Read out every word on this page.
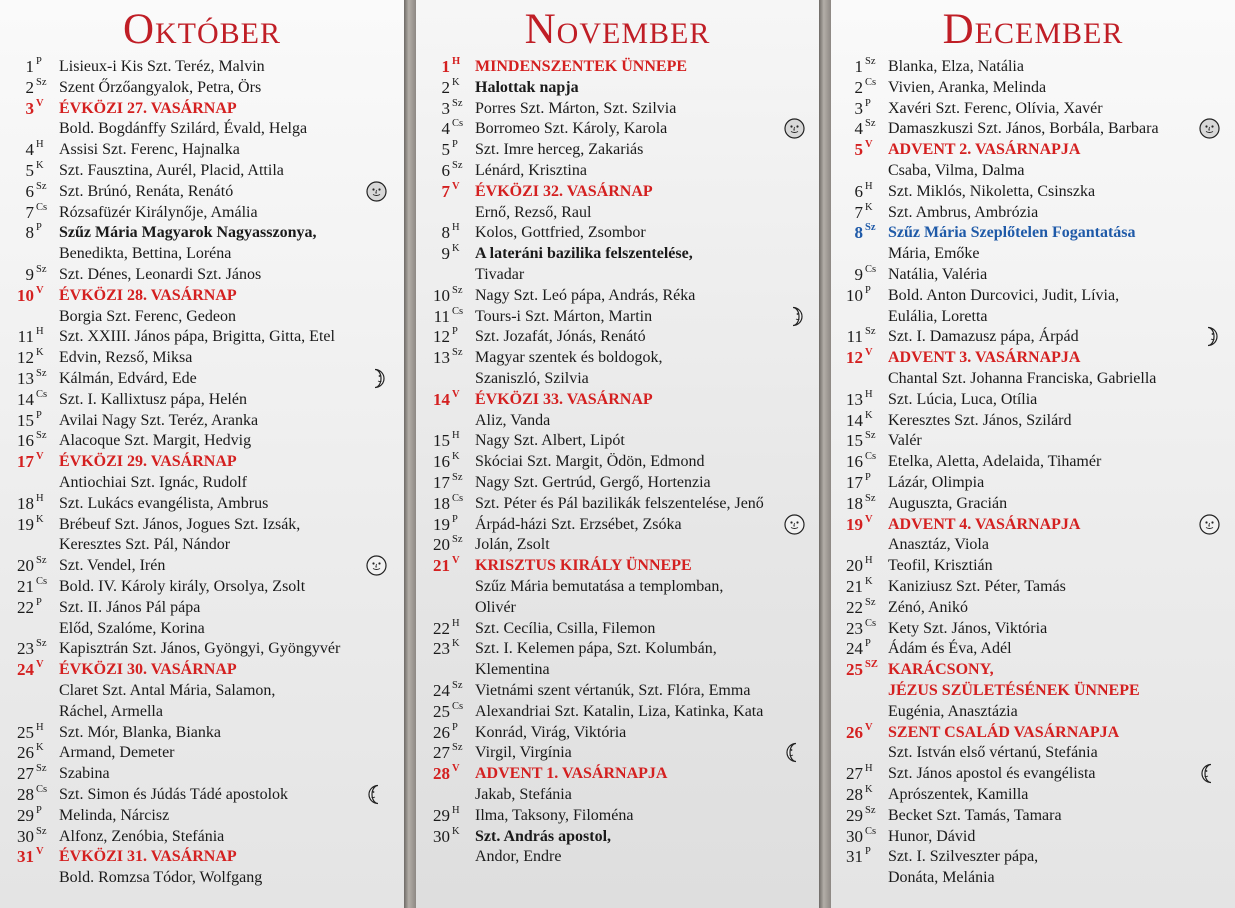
Október
1 P Lisieux-i Kis Szt. Teréz, Malvin
2 Sz Szent Őrzőangyalok, Petra, Örs
3 V ÉVKÖZI 27. VASÁRNAP
Bold. Bogdánffy Szilárd, Évald, Helga
4 H Assisi Szt. Ferenc, Hajnalka
5 K Szt. Fausztina, Aurél, Placid, Attila
6 Sz Szt. Brúnó, Renáta, Renátó
7 Cs Rózsafüzér Királynője, Amália
8 P Szűz Mária Magyarok Nagyasszonya,
Benedikta, Bettina, Loréna
9 Sz Szt. Dénes, Leonardi Szt. János
10 V ÉVKÖZI 28. VASÁRNAP
Borgia Szt. Ferenc, Gedeon
11 H Szt. XXIII. János pápa, Brigitta, Gitta, Etel
12 K Edvin, Rezső, Miksa
13 Sz Kálmán, Edvárd, Ede
14 Cs Szt. I. Kallixtusz pápa, Helén
15 P Avilai Nagy Szt. Teréz, Aranka
16 Sz Alacoque Szt. Margit, Hedvig
17 V ÉVKÖZI 29. VASÁRNAP
Antiochiai Szt. Ignác, Rudolf
18 H Szt. Lukács evangélista, Ambrus
19 K Brébeuf Szt. János, Jogues Szt. Izsák,
Keresztes Szt. Pál, Nándor
20 Sz Szt. Vendel, Irén
21 Cs Bold. IV. Károly király, Orsolya, Zsolt
22 P Szt. II. János Pál pápa
Előd, Szalóme, Korina
23 Sz Kapisztrán Szt. János, Gyöngyi, Gyöngyvér
24 V ÉVKÖZI 30. VASÁRNAP
Claret Szt. Antal Mária, Salamon,
Ráchel, Armella
25 H Szt. Mór, Blanka, Bianka
26 K Armand, Demeter
27 Sz Szabina
28 Cs Szt. Simon és Júdás Tádé apostolok
29 P Melinda, Nárcisz
30 Sz Alfonz, Zenóbia, Stefánia
31 V ÉVKÖZI 31. VASÁRNAP
Bold. Romzsa Tódor, Wolfgang
November
1 H MINDENSZENTEK ÜNNEPE
2 K Halottak napja
3 Sz Porres Szt. Márton, Szt. Szilvia
4 Cs Borromeo Szt. Károly, Karola
5 P Szt. Imre herceg, Zakariás
6 Sz Lénárd, Krisztina
7 V ÉVKÖZI 32. VASÁRNAP
Ernő, Rezső, Raul
8 H Kolos, Gottfried, Zsombor
9 K A lateráni bazilika felszentelése,
Tivadar
10 Sz Nagy Szt. Leó pápa, András, Réka
11 Cs Tours-i Szt. Márton, Martin
12 P Szt. Jozafát, Jónás, Renátó
13 Sz Magyar szentek és boldogok,
Szaniszló, Szilvia
14 V ÉVKÖZI 33. VASÁRNAP
Aliz, Vanda
15 H Nagy Szt. Albert, Lipót
16 K Skóciai Szt. Margit, Ödön, Edmond
17 Sz Nagy Szt. Gertrúd, Gergő, Hortenzia
18 Cs Szt. Péter és Pál bazilikák felszentelése, Jenő
19 P Árpád-házi Szt. Erzsébet, Zsóka
20 Sz Jolán, Zsolt
21 V KRISZTUS KIRÁLY ÜNNEPE
Szűz Mária bemutatása a templomban,
Olivér
22 H Szt. Cecília, Csilla, Filemon
23 K Szt. I. Kelemen pápa, Szt. Kolumbán,
Klementina
24 Sz Vietnámi szent vértanúk, Szt. Flóra, Emma
25 Cs Alexandriai Szt. Katalin, Liza, Katinka, Kata
26 P Konrád, Virág, Viktória
27 Sz Virgil, Virgínia
28 V ADVENT 1. VASÁRNAPJA
Jakab, Stefánia
29 H Ilma, Taksony, Filoména
30 K Szt. András apostol,
Andor, Endre
December
1 Sz Blanka, Elza, Natália
2 Cs Vivien, Aranka, Melinda
3 P Xavéri Szt. Ferenc, Olívia, Xavér
4 Sz Damaszkuszi Szt. János, Borbála, Barbara
5 V ADVENT 2. VASÁRNAPJA
Csaba, Vilma, Dalma
6 H Szt. Miklós, Nikoletta, Csinszka
7 K Szt. Ambrus, Ambrózia
8 Sz Szűz Mária Szeplőtelen Fogantatása
Mária, Emőke
9 Cs Natália, Valéria
10 P Bold. Anton Durcovici, Judit, Lívia,
Eulália, Loretta
11 Sz Szt. I. Damazusz pápa, Árpád
12 V ADVENT 3. VASÁRNAPJA
Chantal Szt. Johanna Franciska, Gabriella
13 H Szt. Lúcia, Luca, Otília
14 K Keresztes Szt. János, Szilárd
15 Sz Valér
16 Cs Etelka, Aletta, Adelaida, Tihamér
17 P Lázár, Olimpia
18 Sz Auguszta, Gracián
19 V ADVENT 4. VASÁRNAPJA
Anasztáz, Viola
20 H Teofil, Krisztián
21 K Kaniziusz Szt. Péter, Tamás
22 Sz Zénó, Anikó
23 Cs Kety Szt. János, Viktória
24 P Ádám és Éva, Adél
25 SZ KARÁCSONY,
JÉZUS SZÜLETÉSÉNEK ÜNNEPE
Eugénia, Anasztázia
26 V SZENT CSALÁD VASÁRNAPJA
Szt. István első vértanú, Stefánia
27 H Szt. János apostol és evangélista
28 K Aprószentek, Kamilla
29 Sz Becket Szt. Tamás, Tamara
30 Cs Hunor, Dávid
31 P Szt. I. Szilveszter pápa,
Donáta, Melánia
